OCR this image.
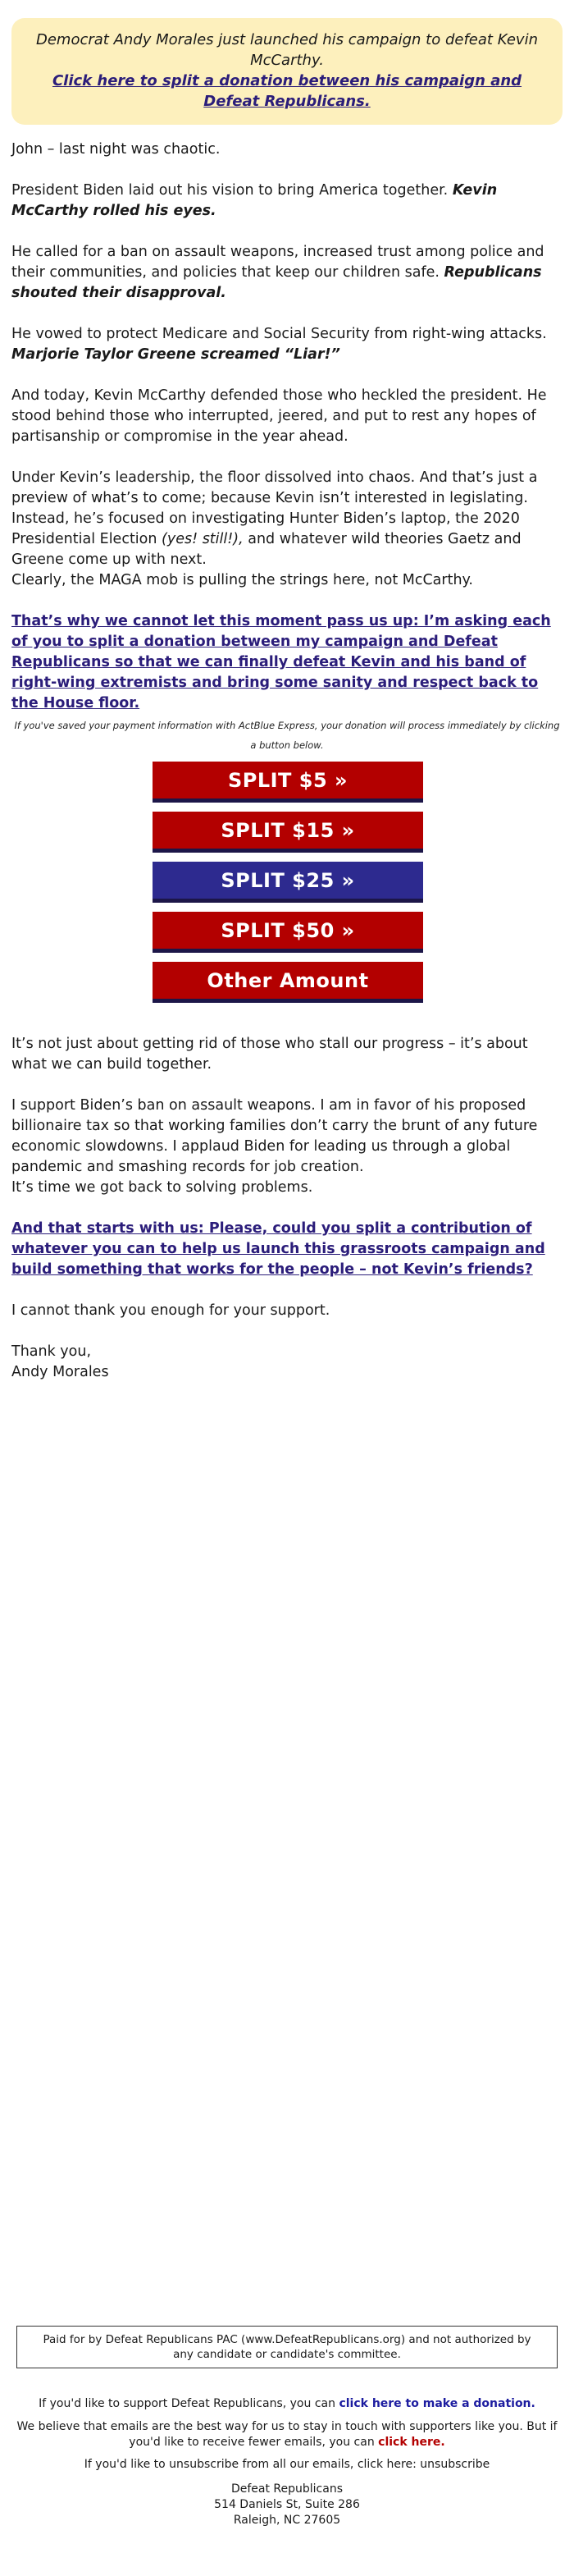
Democrat Andy Morales just launched his campaign to defeat Kevin McCarthy.
Click here to split a donation between his campaign and Defeat Republicans.

John – last night was chaotic.

President Biden laid out his vision to bring America together. Kevin McCarthy rolled his eyes.

He called for a ban on assault weapons, increased trust among police and their communities, and policies that keep our children safe. Republicans shouted their disapproval.

He vowed to protect Medicare and Social Security from right-wing attacks.
Marjorie Taylor Greene screamed “Liar!”

And today, Kevin McCarthy defended those who heckled the president. He stood behind those who interrupted, jeered, and put to rest any hopes of partisanship or compromise in the year ahead.

Under Kevin’s leadership, the floor dissolved into chaos. And that’s just a preview of what’s to come; because Kevin isn’t interested in legislating. Instead, he’s focused on investigating Hunter Biden’s laptop, the 2020 Presidential Election (yes! still!), and whatever wild theories Gaetz and Greene come up with next.

Clearly, the MAGA mob is pulling the strings here, not McCarthy.

That’s why we cannot let this moment pass us up: I’m asking each of you to split a donation between my campaign and Defeat Republicans so that we can finally defeat Kevin and his band of right-wing extremists and bring some sanity and respect back to the House floor.

If you've saved your payment information with ActBlue Express, your donation will process immediately by clicking a button below.
SPLIT $5 »
SPLIT $15 »
SPLIT $25 »
SPLIT $50 »
Other Amount

It’s not just about getting rid of those who stall our progress – it’s about what we can build together.

I support Biden’s ban on assault weapons. I am in favor of his proposed billionaire tax so that working families don’t carry the brunt of any future economic slowdowns. I applaud Biden for leading us through a global pandemic and smashing records for job creation.

It’s time we got back to solving problems.

And that starts with us: Please, could you split a contribution of whatever you can to help us launch this grassroots campaign and build something that works for the people – not Kevin’s friends?

I cannot thank you enough for your support.

Thank you,

Andy Morales

Paid for by Defeat Republicans PAC (www.DefeatRepublicans.org) and not authorized by any candidate or candidate's committee.
If you'd like to support Defeat Republicans, you can click here to make a donation.
We believe that emails are the best way for us to stay in touch with supporters like you. But if you'd like to receive fewer emails, you can click here.
If you'd like to unsubscribe from all our emails, click here: unsubscribe
Defeat Republicans
514 Daniels St, Suite 286
Raleigh, NC 27605
